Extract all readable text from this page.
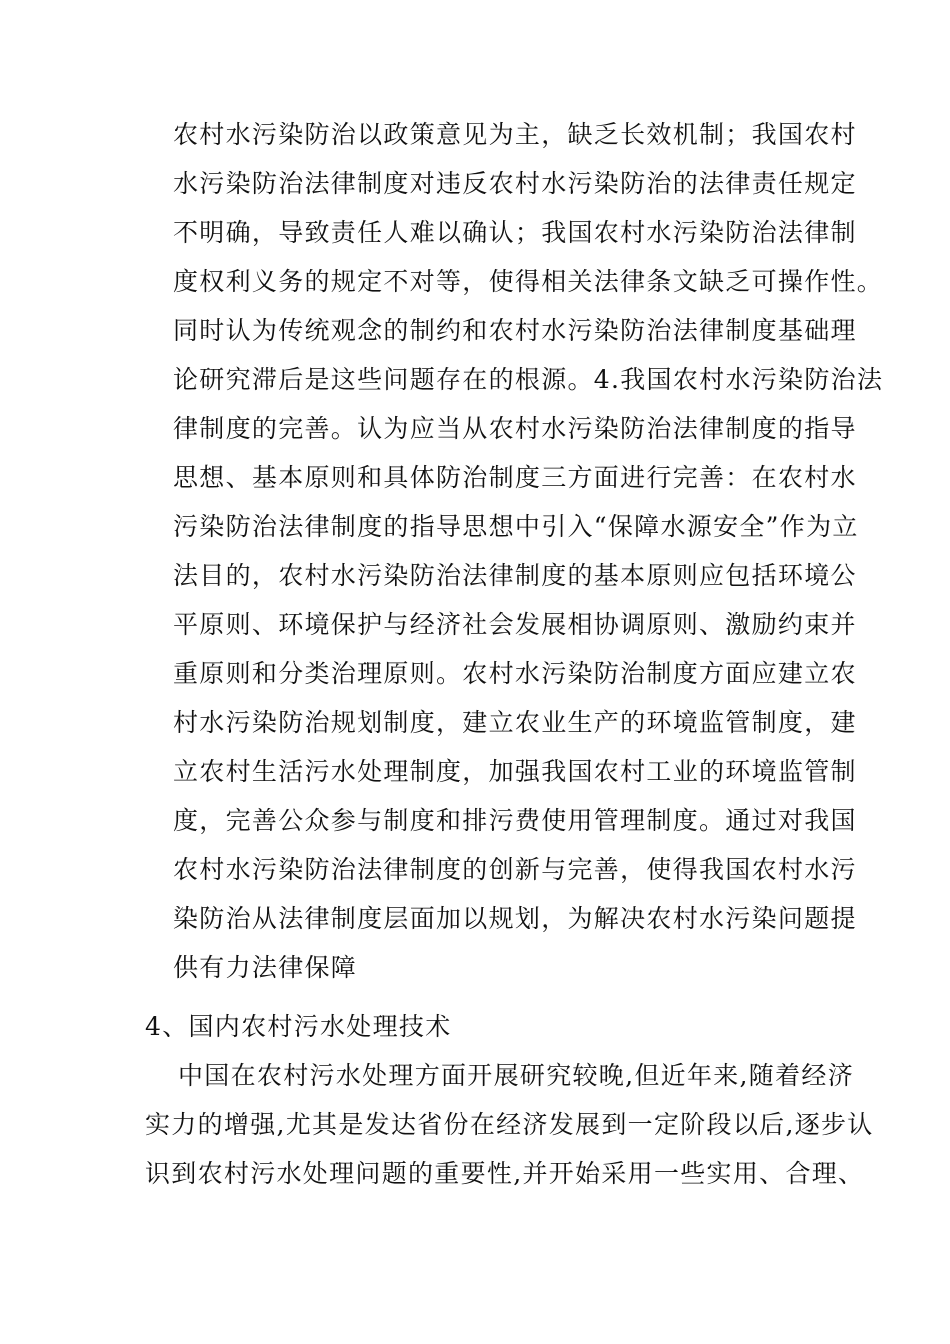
农村水污染防治以政策意见为主，缺乏长效机制；我国农村
水污染防治法律制度对违反农村水污染防治的法律责任规定
不明确，导致责任人难以确认；我国农村水污染防治法律制
度权利义务的规定不对等，使得相关法律条文缺乏可操作性。
同时认为传统观念的制约和农村水污染防治法律制度基础理
论研究滞后是这些问题存在的根源。4.我国农村水污染防治法
律制度的完善。认为应当从农村水污染防治法律制度的指导
思想、基本原则和具体防治制度三方面进行完善：在农村水
污染防治法律制度的指导思想中引入“保障水源安全”作为立
法目的，农村水污染防治法律制度的基本原则应包括环境公
平原则、环境保护与经济社会发展相协调原则、激励约束并
重原则和分类治理原则。农村水污染防治制度方面应建立农
村水污染防治规划制度，建立农业生产的环境监管制度，建
立农村生活污水处理制度，加强我国农村工业的环境监管制
度，完善公众参与制度和排污费使用管理制度。通过对我国
农村水污染防治法律制度的创新与完善，使得我国农村水污
染防治从法律制度层面加以规划，为解决农村水污染问题提
供有力法律保障
4、国内农村污水处理技术
中国在农村污水处理方面开展研究较晚,但近年来,随着经济
实力的增强,尤其是发达省份在经济发展到一定阶段以后,逐步认
识到农村污水处理问题的重要性,并开始采用一些实用、合理、
